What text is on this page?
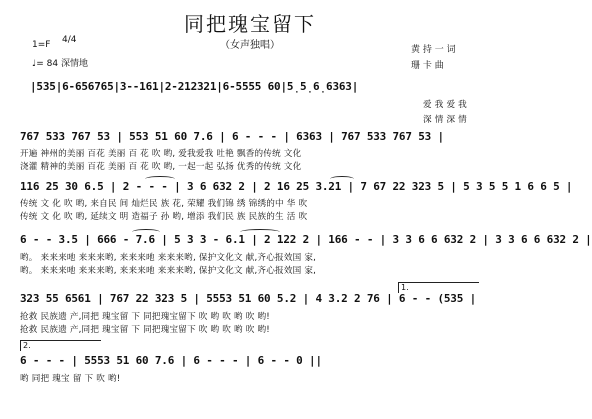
同把瑰宝留下
（女声独唱）
1=F 4/4
♩= 84 深情地
黄 持 一 词
珊 卡 曲
|535|6-656765|3--161|2-212321|6-5555 60|5̣5̣6̣6363|
爱 我 爱 我
深 情 深 情
767 533 767 53 | 553 51 60 7.6 | 6 - - - | 6363 | 767 533 767 53 |
开遍 神州的美丽 百花 美丽 百 花 吹 哟, 爱我爱我 吐艳 飘香的传统 文化
浇灌 精神的美丽 百花 美丽 百 花 吹 哟, 一起一起 弘扬 优秀的传统 文化
116 25 30 6.5 | 2 - - - | 3 6 632 2 | 2 16 25 3.21 | 7 67 22 323 5 | 5 3 5 5 1 6 6 5 |
传统 文 化 吹 哟, 来自民 间 灿烂民 族 花, 荣耀 我们锦 绣 锦绣的中 华 吹
传统 文 化 吹 哟, 延续文 明 造福子 孙 哟, 增添 我们民 族 民族的生 活 吹
6 - - 3.5 | 666 - 7.6 | 5 3 3 - 6.1 | 2 122 2 | 166 - - | 3 3 6 6 632 2 | 3 3 6 6 632 2 |
哟。 来来来吔 来来来哟, 来来来吔 来来来哟, 保护文化文 献,齐心报效国 家,
哟。 来来来吔 来来来哟, 来来来吔 来来来哟, 保护文化文 献,齐心报效国 家,
1.
323 55 6561 | 767 22 323 5 | 5553 51 60 5.2 | 4 3.2 2 76 | 6 - - (535 |
抢救 民族遗 产,同把 瑰宝留 下 同把瑰宝留下 吹 哟 吹 哟 吹 哟!
抢救 民族遗 产,同把 瑰宝留 下 同把瑰宝留下 吹 哟 吹 哟 吹 哟!
2.
6 - - - | 5553 51 60 7.6 | 6 - - - | 6 - - 0 ||
哟 同把 瑰宝 留 下 吹 哟!
